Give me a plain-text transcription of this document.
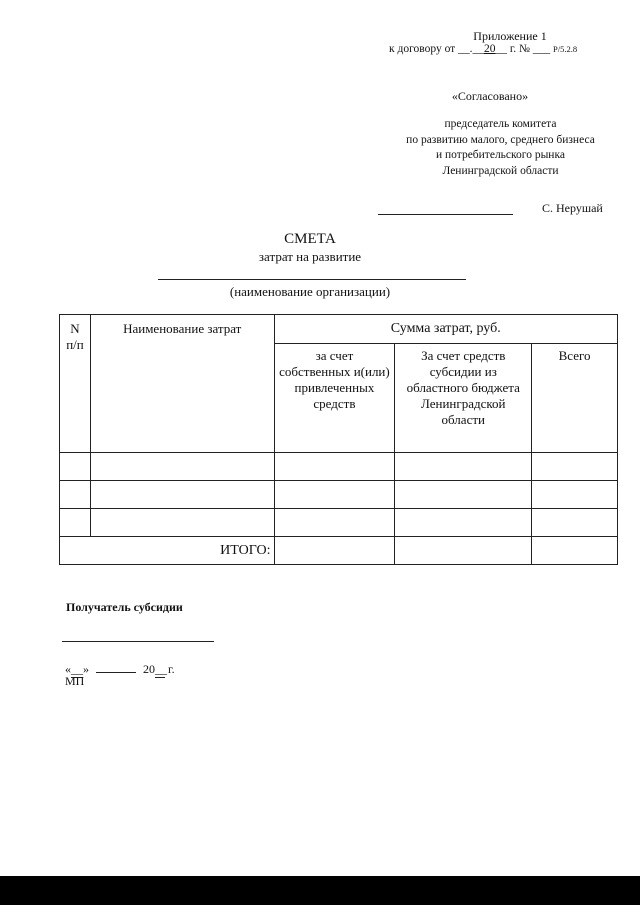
Приложение 1
к договору от __.__20__ г. № ___ Р/5.2.8
«Согласовано»
председатель комитета
по развитию малого, среднего бизнеса
и потребительского рынка
Ленинградской области
С. Нерушай
СМЕТА
затрат на развитие
(наименование организации)
N п/п	Наименование затрат	Сумма затрат, руб.		
		за счет собственных и(или) привлеченных средств	За счет средств субсидии из областного бюджета Ленинградской области	Всего

ИТОГО:				
Получатель субсидии
«__»	20__ г.
МП
